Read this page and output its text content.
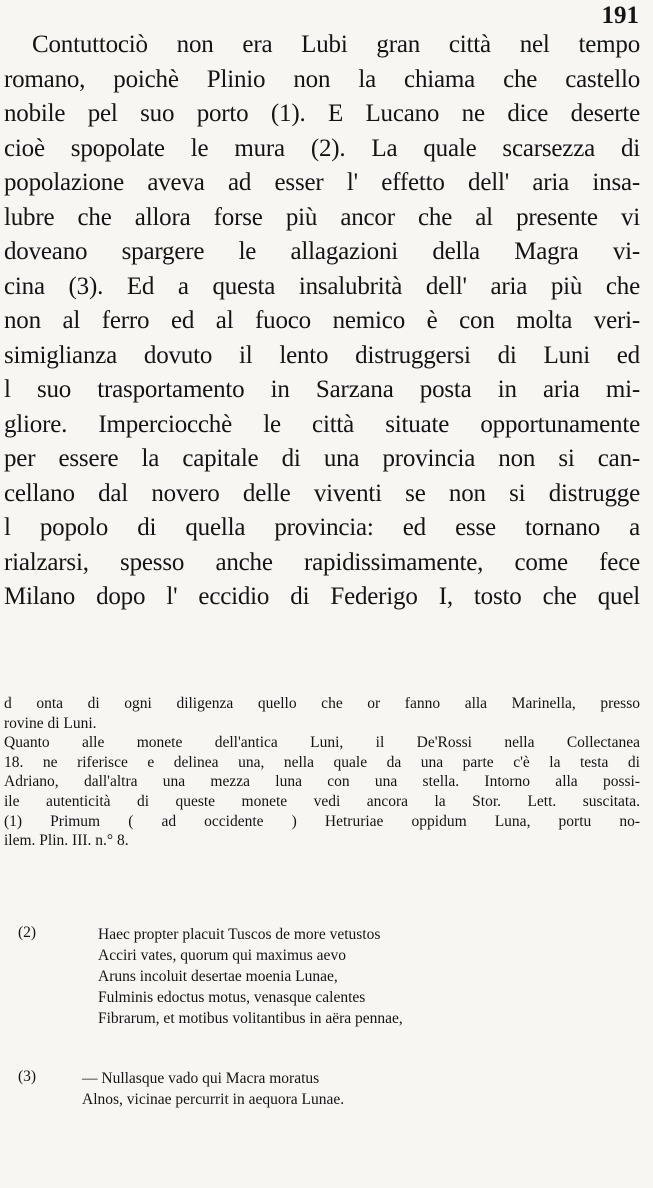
191
Contuttociò non era Lubi gran città nel tempo
romano, poichè Plinio non la chiama che castello
nobile pel suo porto (1). E Lucano ne dice deserte
cioè spopolate le mura (2). La quale scarsezza di
popolazione aveva ad esser l' effetto dell' aria insa-
lubre che allora forse più ancor che al presente vi
doveano spargere le allagazioni della Magra vi-
cina (3). Ed a questa insalubrità dell' aria più che
non al ferro ed al fuoco nemico è con molta veri-
simiglianza dovuto il lento distruggersi di Luni ed
l suo trasportamento in Sarzana posta in aria mi-
gliore. Imperciocchè le città situate opportunamente
per essere la capitale di una provincia non si can-
cellano dal novero delle viventi se non si distrugge
l popolo di quella provincia: ed esse tornano a
rialzarsi, spesso anche rapidissimamente, come fece
Milano dopo l' eccidio di Federigo I, tosto che quel
d onta di ogni diligenza quello che or fanno alla Marinella, presso
rovine di Luni.
Quanto alle monete dell'antica Luni, il De'Rossi nella Collectanea
18. ne riferisce e delinea una, nella quale da una parte c'è la testa di
Adriano, dall'altra una mezza luna con una stella. Intorno alla possi-
ile autenticità di queste monete vedi ancora la Stor. Lett. suscitata.
(1) Primum ( ad occidente ) Hetruriae oppidum Luna, portu no-
ilem. Plin. III. n.° 8.
(2)	Haec propter placuit Tuscos de more vetustos
Acciri vates, quorum qui maximus aevo
Aruns incoluit desertae moenia Lunae,
Fulminis edoctus motus, venasque calentes
Fibrarum, et motibus volitantibus in aëra pennae,
(3)	— Nullasque vado qui Macra moratus
Alnos, vicinae percurrit in aequora Lunae.
